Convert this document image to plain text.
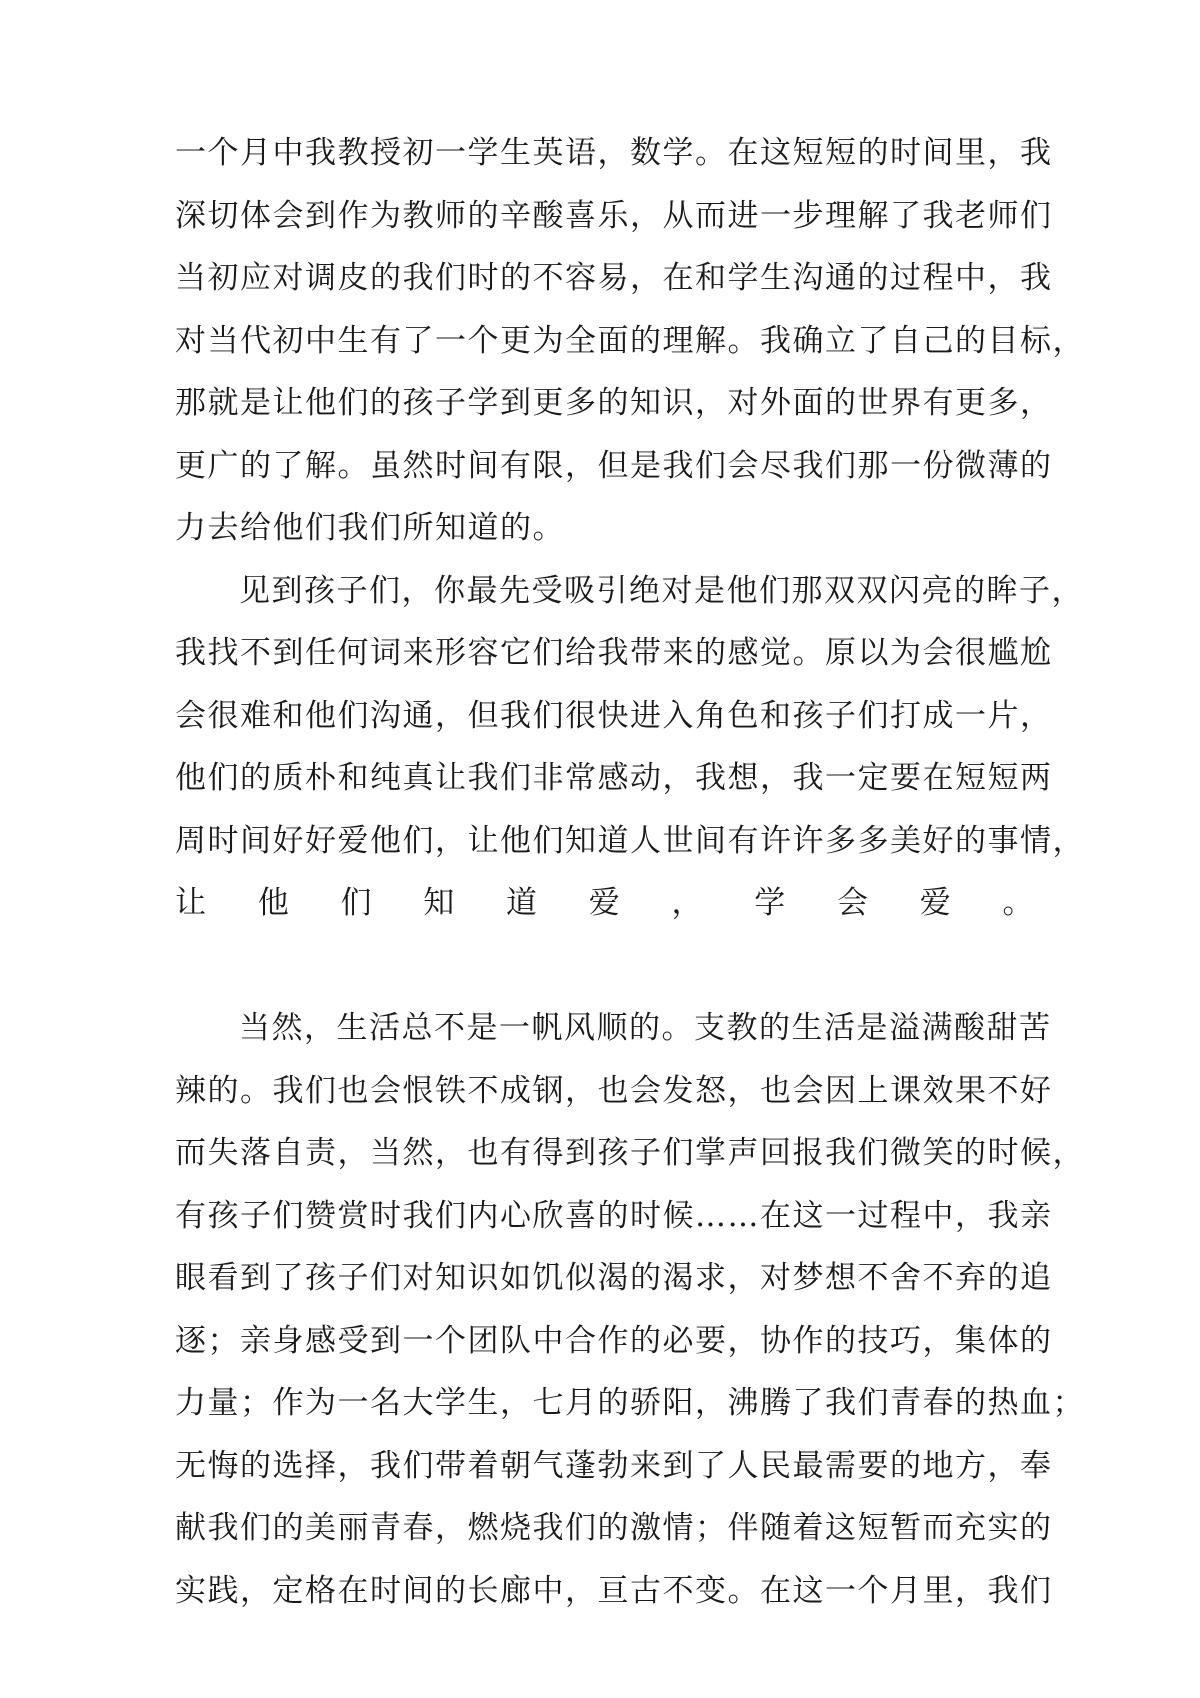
一个月中我教授初一学生英语，数学。在这短短的时间里，我
深切体会到作为教师的辛酸喜乐，从而进一步理解了我老师们
当初应对调皮的我们时的不容易，在和学生沟通的过程中，我
对当代初中生有了一个更为全面的理解。我确立了自己的目标，
那就是让他们的孩子学到更多的知识，对外面的世界有更多，
更广的了解。虽然时间有限，但是我们会尽我们那一份微薄的
力去给他们我们所知道的。
见到孩子们，你最先受吸引绝对是他们那双双闪亮的眸子，
我找不到任何词来形容它们给我带来的感觉。原以为会很尴尬
会很难和他们沟通，但我们很快进入角色和孩子们打成一片，
他们的质朴和纯真让我们非常感动，我想，我一定要在短短两
周时间好好爱他们，让他们知道人世间有许许多多美好的事情，
让他们知道爱，学会爱。
当然，生活总不是一帆风顺的。支教的生活是溢满酸甜苦
辣的。我们也会恨铁不成钢，也会发怒，也会因上课效果不好
而失落自责，当然，也有得到孩子们掌声回报我们微笑的时候，
有孩子们赞赏时我们内心欣喜的时候……在这一过程中，我亲
眼看到了孩子们对知识如饥似渴的渴求，对梦想不舍不弃的追
逐；亲身感受到一个团队中合作的必要，协作的技巧，集体的
力量；作为一名大学生，七月的骄阳，沸腾了我们青春的热血；
无悔的选择，我们带着朝气蓬勃来到了人民最需要的地方，奉
献我们的美丽青春，燃烧我们的激情；伴随着这短暂而充实的
实践，定格在时间的长廊中，亘古不变。在这一个月里，我们
